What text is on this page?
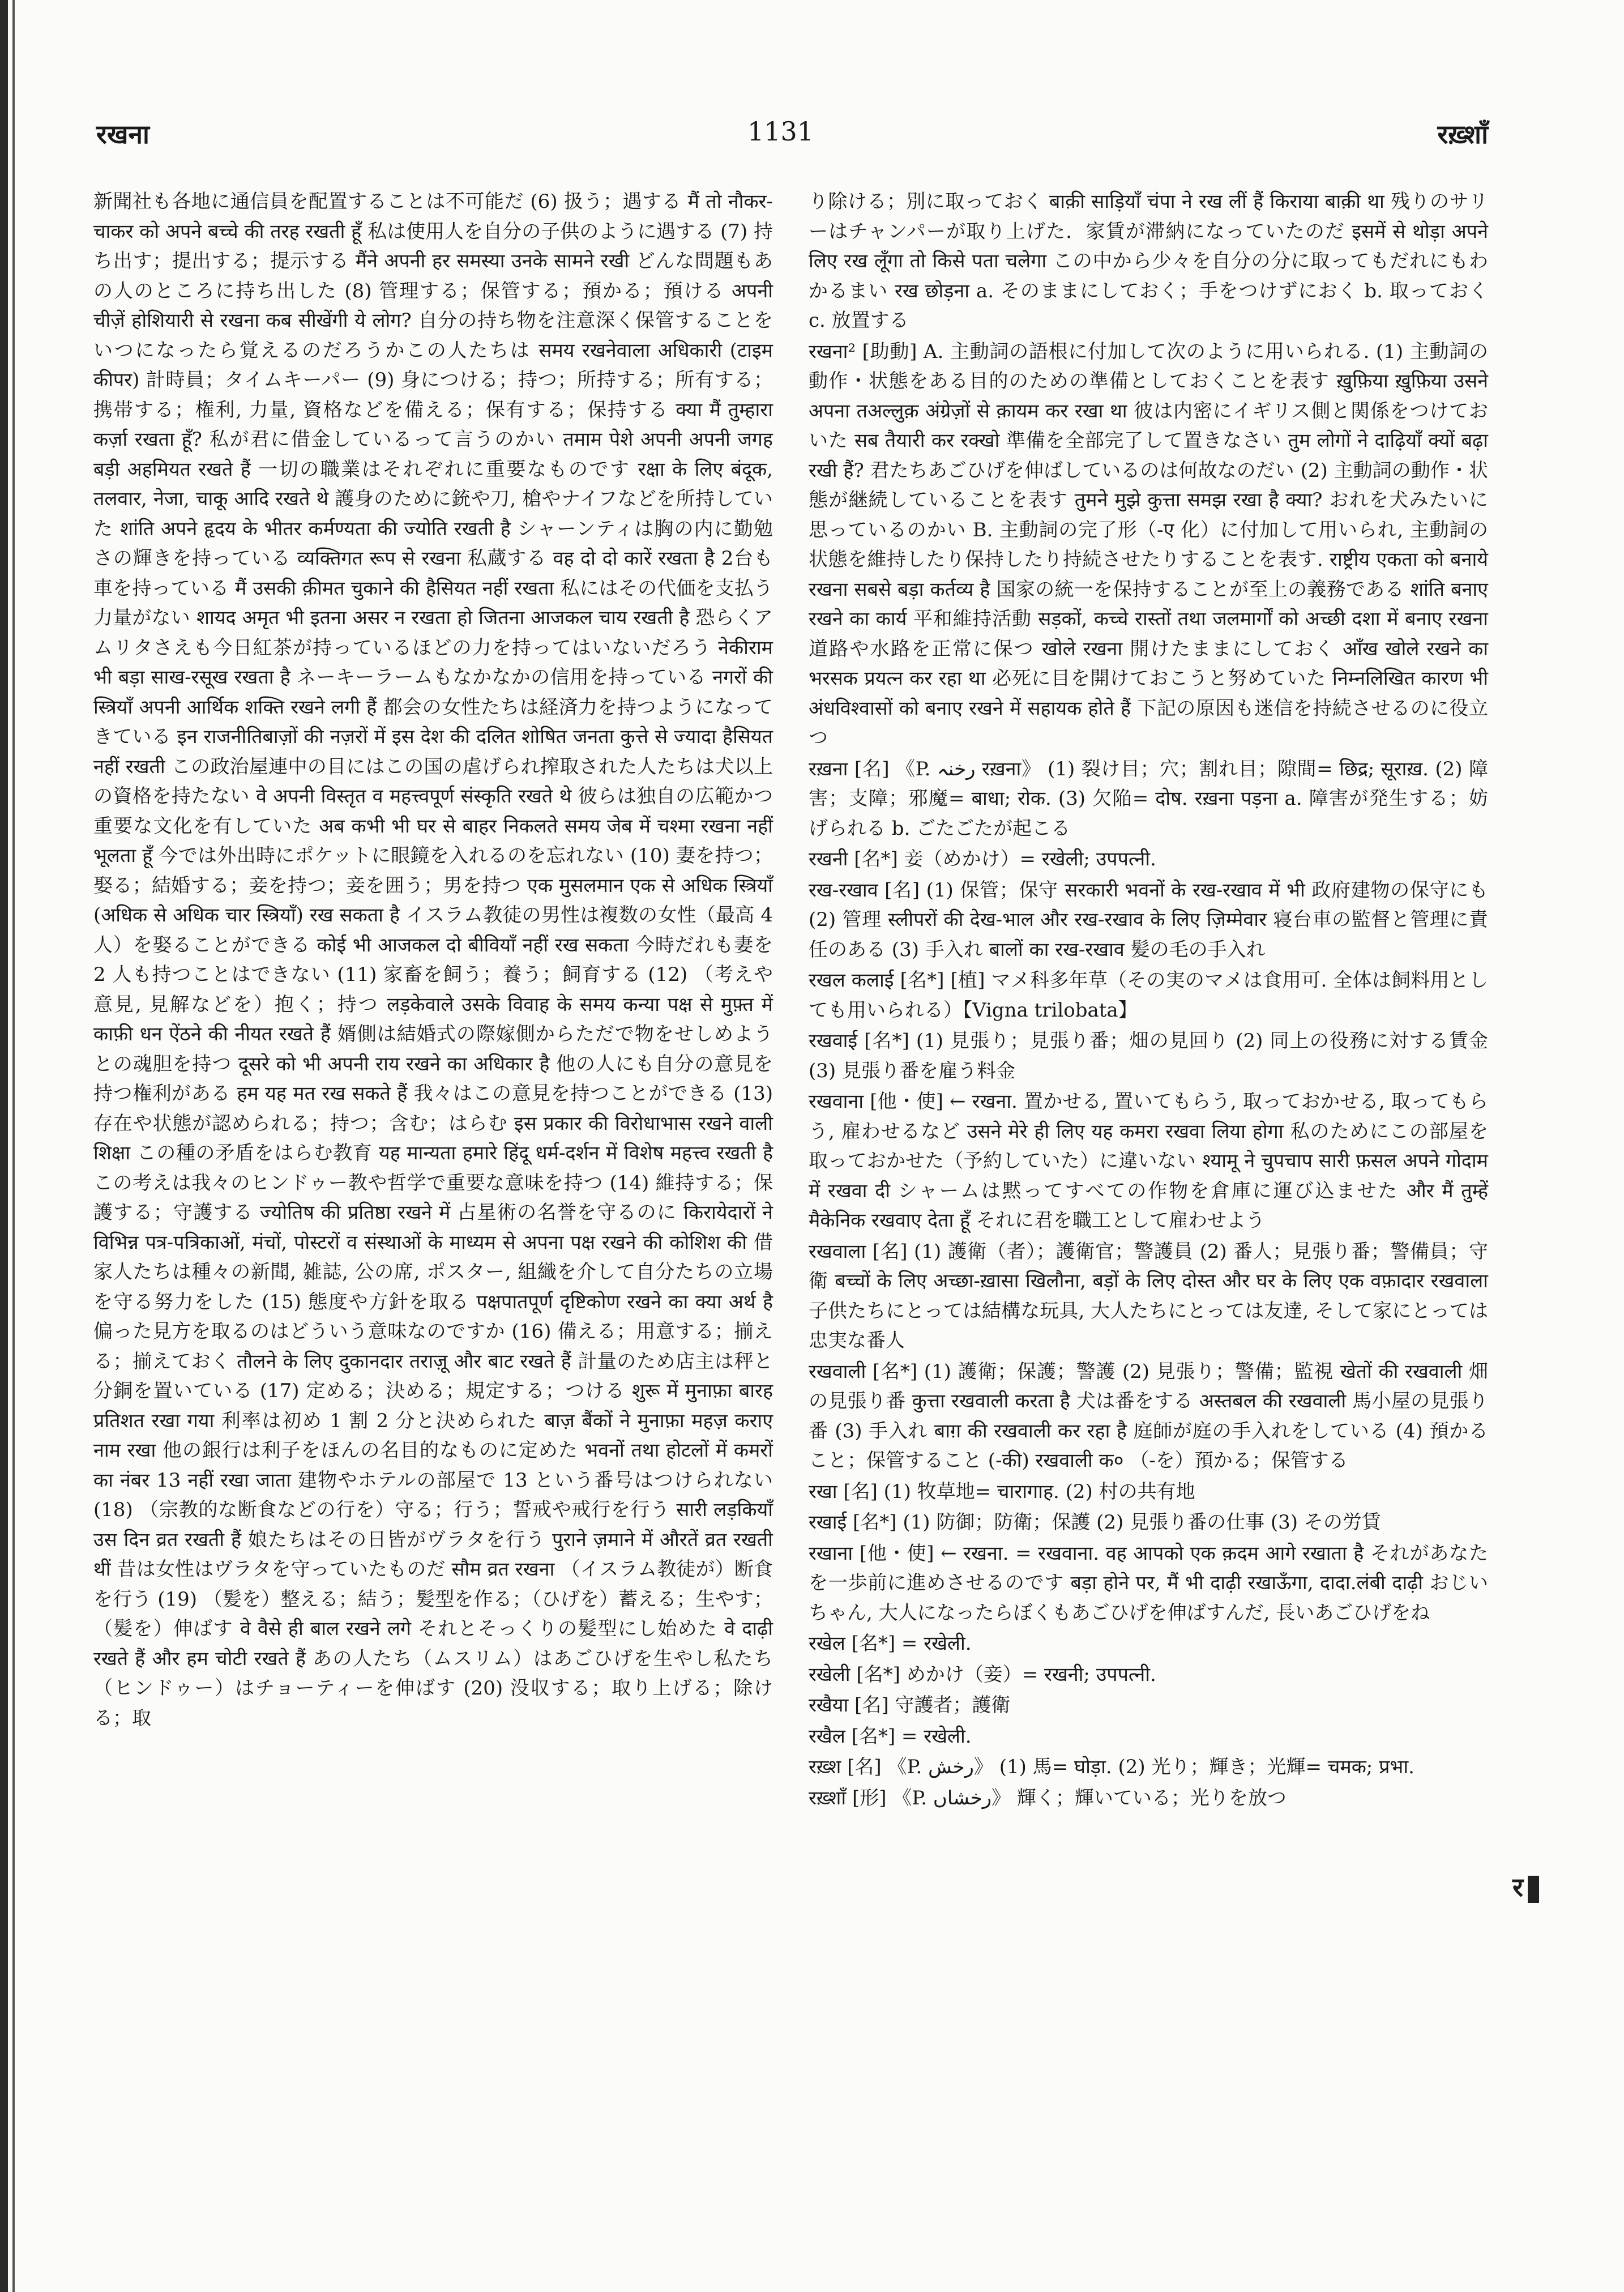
रखना	1131	रख़्शाँ

新聞社も各地に通信員を配置することは不可能だ (6) 扱う；遇する मैं तो नौकर-चाकर को अपने बच्चे की तरह रखती हूँ 私は使用人を自分の子供のように遇する (7) 持ち出す；提出する；提示する मैंने अपनी हर समस्या उनके सामने रखी どんな問題もあの人のところに持ち出した (8) 管理する；保管する；預かる；預ける अपनी चीज़ें होशियारी से रखना कब सीखेंगी ये लोग? 自分の持ち物を注意深く保管することをいつになったら覚えるのだろうかこの人たちは समय रखनेवाला अधिकारी (टाइम कीपर) 計時員；タイムキーパー (9) 身につける；持つ；所持する；所有する；携帯する；権利, 力量, 資格などを備える；保有する；保持する क्या मैं तुम्हारा कर्ज़ा रखता हूँ? 私が君に借金しているって言うのかい तमाम पेशे अपनी अपनी जगह बड़ी अहमियत रखते हैं 一切の職業はそれぞれに重要なものです रक्षा के लिए बंदूक, तलवार, नेजा, चाकू आदि रखते थे 護身のために銃や刀, 槍やナイフなどを所持していた शांति अपने हृदय के भीतर कर्मण्यता की ज्योति रखती है シャーンティは胸の内に勤勉さの輝きを持っている व्यक्तिगत रूप से रखना 私蔵する वह दो दो कारें रखता है 2台も車を持っている मैं उसकी क़ीमत चुकाने की हैसियत नहीं रखता 私にはその代価を支払う力量がない शायद अमृत भी इतना असर न रखता हो जितना आजकल चाय रखती है 恐らくアムリタさえも今日紅茶が持っているほどの力を持ってはいないだろう नेकीराम भी बड़ा साख-रसूख रखता है ネーキーラームもなかなかの信用を持っている नगरों की स्त्रियाँ अपनी आर्थिक शक्ति रखने लगी हैं 都会の女性たちは経済力を持つようになってきている इन राजनीतिबाज़ों की नज़रों में इस देश की दलित शोषित जनता कुत्ते से ज्यादा हैसियत नहीं रखती この政治屋連中の目にはこの国の虐げられ搾取された人たちは犬以上の資格を持たない वे अपनी विस्तृत व महत्त्वपूर्ण संस्कृति रखते थे 彼らは独自の広範かつ重要な文化を有していた अब कभी भी घर से बाहर निकलते समय जेब में चश्मा रखना नहीं भूलता हूँ 今では外出時にポケットに眼鏡を入れるのを忘れない (10) 妻を持つ；娶る；結婚する；妾を持つ；妾を囲う；男を持つ एक मुसलमान एक से अधिक स्त्रियाँ (अधिक से अधिक चार स्त्रियाँ) रख सकता है イスラム教徒の男性は複数の女性（最高 4 人）を娶ることができる कोई भी आजकल दो बीवियाँ नहीं रख सकता 今時だれも妻を 2 人も持つことはできない (11) 家畜を飼う；養う；飼育する (12) （考えや意見, 見解などを）抱く；持つ लड़केवाले उसके विवाह के समय कन्या पक्ष से मुफ़्त में काफ़ी धन ऐंठने की नीयत रखते हैं 婿側は結婚式の際嫁側からただで物をせしめようとの魂胆を持つ दूसरे को भी अपनी राय रखने का अधिकार है 他の人にも自分の意見を持つ権利がある हम यह मत रख सकते हैं 我々はこの意見を持つことができる (13) 存在や状態が認められる；持つ；含む；はらむ इस प्रकार की विरोधाभास रखने वाली शिक्षा この種の矛盾をはらむ教育 यह मान्यता हमारे हिंदू धर्म-दर्शन में विशेष महत्त्व रखती है この考えは我々のヒンドゥー教や哲学で重要な意味を持つ (14) 維持する；保護する；守護する ज्योतिष की प्रतिष्ठा रखने में 占星術の名誉を守るのに किरायेदारों ने विभिन्न पत्र-पत्रिकाओं, मंचों, पोस्टरों व संस्थाओं के माध्यम से अपना पक्ष रखने की कोशिश की 借家人たちは種々の新聞, 雑誌, 公の席, ポスター, 組織を介して自分たちの立場を守る努力をした (15) 態度や方針を取る पक्षपातपूर्ण दृष्टिकोण रखने का क्या अर्थ है 偏った見方を取るのはどういう意味なのですか (16) 備える；用意する；揃える；揃えておく तौलने के लिए दुकानदार तराज़ू और बाट रखते हैं 計量のため店主は秤と分銅を置いている (17) 定める；決める；規定する；つける शुरू में मुनाफ़ा बारह प्रतिशत रखा गया 利率は初め 1 割 2 分と決められた बाज़ बैंकों ने मुनाफ़ा महज़ कराए नाम रखा 他の銀行は利子をほんの名目的なものに定めた भवनों तथा होटलों में कमरों का नंबर 13 नहीं रखा जाता 建物やホテルの部屋で 13 という番号はつけられない (18) （宗教的な断食などの行を）守る；行う；誓戒や戒行を行う सारी लड़कियाँ उस दिन व्रत रखती हैं 娘たちはその日皆がヴラタを行う पुराने ज़माने में औरतें व्रत रखती थीं 昔は女性はヴラタを守っていたものだ सौम व्रत रखना （イスラム教徒が）断食を行う (19) （髪を）整える；結う；髪型を作る；（ひげを）蓄える；生やす；（髪を）伸ばす वे वैसे ही बाल रखने लगे それとそっくりの髪型にし始めた वे दाढ़ी रखते हैं और हम चोटी रखते हैं あの人たち（ムスリム）はあごひげを生やし私たち（ヒンドゥー）はチョーティーを伸ばす (20) 没収する；取り上げる；除ける；取

り除ける；別に取っておく बाक़ी साड़ियाँ चंपा ने रख लीं हैं किराया बाक़ी था 残りのサリーはチャンパーが取り上げた．家賃が滞納になっていたのだ इसमें से थोड़ा अपने लिए रख लूँगा तो किसे पता चलेगा この中から少々を自分の分に取ってもだれにもわかるまい रख छोड़ना a. そのままにしておく；手をつけずにおく b. 取っておく c. 放置する

रखना² [助動] A. 主動詞の語根に付加して次のように用いられる. (1) 主動詞の動作・状態をある目的のための準備としておくことを表す ख़ुफ़िया ख़ुफ़िया उसने अपना तअल्लुक़ अंग्रेज़ों से क़ायम कर रखा था 彼は内密にイギリス側と関係をつけておいた सब तैयारी कर रक्खो 準備を全部完了して置きなさい तुम लोगों ने दाढ़ियाँ क्यों बढ़ा रखी हैं? 君たちあごひげを伸ばしているのは何故なのだい (2) 主動詞の動作・状態が継続していることを表す तुमने मुझे कुत्ता समझ रखा है क्या? おれを犬みたいに思っているのかい B. 主動詞の完了形（-ए 化）に付加して用いられ, 主動詞の状態を維持したり保持したり持続させたりすることを表す. राष्ट्रीय एकता को बनाये रखना सबसे बड़ा कर्तव्य है 国家の統一を保持することが至上の義務である शांति बनाए रखने का कार्य 平和維持活動 सड़कों, कच्चे रास्तों तथा जलमार्गों को अच्छी दशा में बनाए रखना 道路や水路を正常に保つ खोले रखना 開けたままにしておく आँख खोले रखने का भरसक प्रयत्न कर रहा था 必死に目を開けておこうと努めていた निम्नलिखित कारण भी अंधविश्वासों को बनाए रखने में सहायक होते हैं 下記の原因も迷信を持続させるのに役立つ

रख़ना [名] 《P. رخنہ रख़ना》 (1) 裂け目；穴；割れ目；隙間= छिद्र; सूराख़. (2) 障害；支障；邪魔= बाधा; रोक. (3) 欠陥= दोष. रख़ना पड़ना a. 障害が発生する；妨げられる b. ごたごたが起こる

रखनी [名*] 妾（めかけ）= रखेली; उपपत्नी.

रख-रखाव [名] (1) 保管；保守 सरकारी भवनों के रख-रखाव में भी 政府建物の保守にも (2) 管理 स्लीपरों की देख-भाल और रख-रखाव के लिए ज़िम्मेवार 寝台車の監督と管理に責任のある (3) 手入れ बालों का रख-रखाव 髪の毛の手入れ

रखल कलाई [名*] [植] マメ科多年草（その実のマメは食用可. 全体は飼料用としても用いられる）【Vigna trilobata】

रखवाई [名*] (1) 見張り；見張り番；畑の見回り (2) 同上の役務に対する賃金 (3) 見張り番を雇う料金

रखवाना [他・使] ← रखना. 置かせる, 置いてもらう, 取っておかせる, 取ってもらう, 雇わせるなど उसने मेरे ही लिए यह कमरा रखवा लिया होगा 私のためにこの部屋を取っておかせた（予約していた）に違いない श्यामू ने चुपचाप सारी फ़सल अपने गोदाम में रखवा दी シャームは黙ってすべての作物を倉庫に運び込ませた और मैं तुम्हें मैकेनिक रखवाए देता हूँ それに君を職工として雇わせよう

रखवाला [名] (1) 護衛（者）；護衛官；警護員 (2) 番人；見張り番；警備員；守衛 बच्चों के लिए अच्छा-ख़ासा खिलौना, बड़ों के लिए दोस्त और घर के लिए एक वफ़ादार रखवाला 子供たちにとっては結構な玩具, 大人たちにとっては友達, そして家にとっては忠実な番人

रखवाली [名*] (1) 護衛；保護；警護 (2) 見張り；警備；監視 खेतों की रखवाली 畑の見張り番 कुत्ता रखवाली करता है 犬は番をする अस्तबल की रखवाली 馬小屋の見張り番 (3) 手入れ बाग़ की रखवाली कर रहा है 庭師が庭の手入れをしている (4) 預かること；保管すること (-की) रखवाली क० （-を）預かる；保管する

रखा [名] (1) 牧草地= चारागाह. (2) 村の共有地

रखाई [名*] (1) 防御；防衛；保護 (2) 見張り番の仕事 (3) その労賃

रखाना [他・使] ← रखना. = रखवाना. वह आपको एक क़दम आगे रखाता है それがあなたを一歩前に進めさせるのです बड़ा होने पर, मैं भी दाढ़ी रखाऊँगा, दादा.लंबी दाढ़ी おじいちゃん, 大人になったらぼくもあごひげを伸ばすんだ, 長いあごひげをね

रखेल [名*] = रखेली.

रखेली [名*] めかけ（妾）= रखनी; उपपत्नी.

रखैया [名] 守護者；護衛

रखैल [名*] = रखेली.

रख़्श [名] 《P. رخش》 (1) 馬= घोड़ा. (2) 光り；輝き；光輝= चमक; प्रभा.

रख़्शाँ [形] 《P. رخشاں》 輝く；輝いている；光りを放つ

र
